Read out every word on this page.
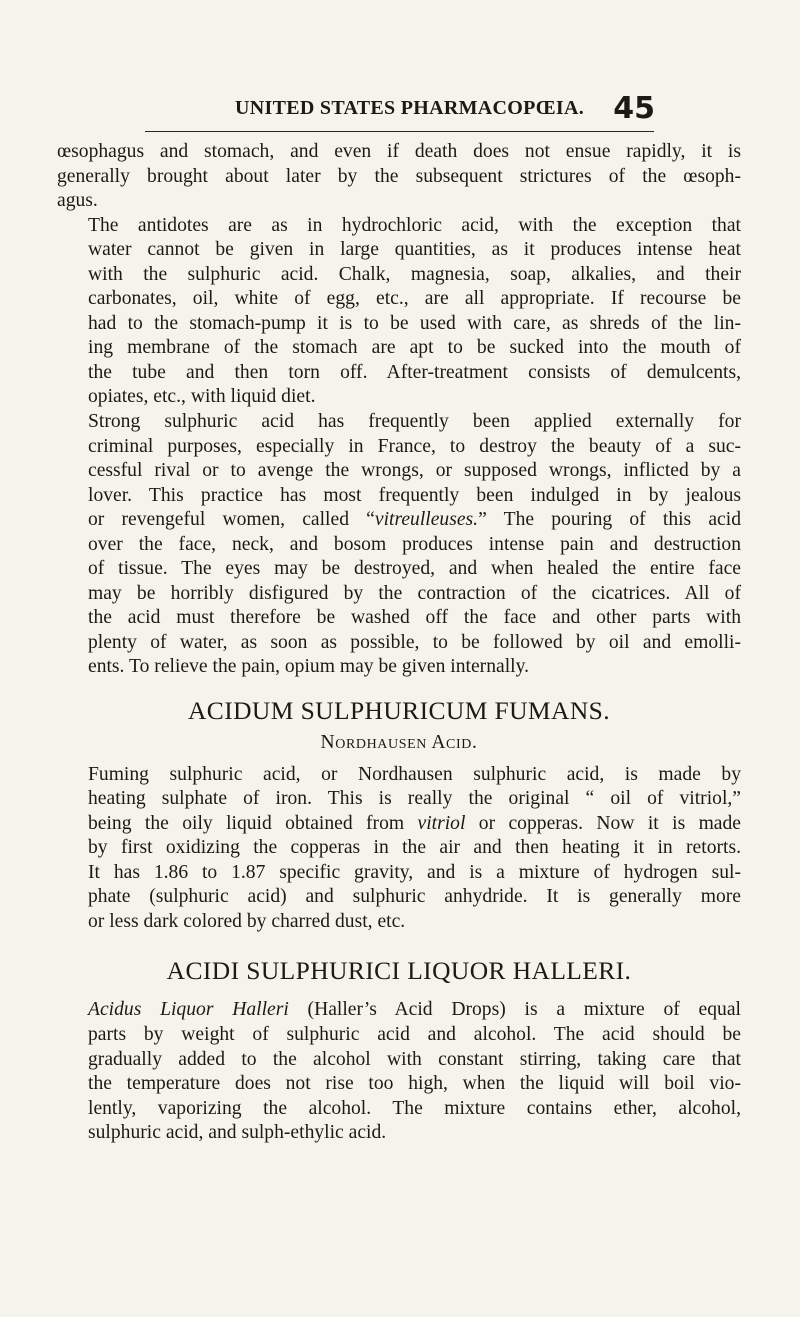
UNITED STATES PHARMACOPŒIA. 45

œsophagus and stomach, and even if death does not ensue rapidly, it is
generally brought about later by the subsequent strictures of the œsoph-
agus.

The antidotes are as in hydrochloric acid, with the exception that
water cannot be given in large quantities, as it produces intense heat
with the sulphuric acid. Chalk, magnesia, soap, alkalies, and their
carbonates, oil, white of egg, etc., are all appropriate. If recourse be
had to the stomach-pump it is to be used with care, as shreds of the lin-
ing membrane of the stomach are apt to be sucked into the mouth of
the tube and then torn off. After-treatment consists of demulcents,
opiates, etc., with liquid diet.

Strong sulphuric acid has frequently been applied externally for
criminal purposes, especially in France, to destroy the beauty of a suc-
cessful rival or to avenge the wrongs, or supposed wrongs, inflicted by a
lover. This practice has most frequently been indulged in by jealous
or revengeful women, called “vitreulleuses.” The pouring of this acid
over the face, neck, and bosom produces intense pain and destruction
of tissue. The eyes may be destroyed, and when healed the entire face
may be horribly disfigured by the contraction of the cicatrices. All of
the acid must therefore be washed off the face and other parts with
plenty of water, as soon as possible, to be followed by oil and emolli-
ents. To relieve the pain, opium may be given internally.

ACIDUM SULPHURICUM FUMANS.
Nordhausen Acid.

Fuming sulphuric acid, or Nordhausen sulphuric acid, is made by
heating sulphate of iron. This is really the original “ oil of vitriol,”
being the oily liquid obtained from vitriol or copperas. Now it is made
by first oxidizing the copperas in the air and then heating it in retorts.
It has 1.86 to 1.87 specific gravity, and is a mixture of hydrogen sul-
phate (sulphuric acid) and sulphuric anhydride. It is generally more
or less dark colored by charred dust, etc.

ACIDI SULPHURICI LIQUOR HALLERI.

Acidus Liquor Halleri (Haller’s Acid Drops) is a mixture of equal
parts by weight of sulphuric acid and alcohol. The acid should be
gradually added to the alcohol with constant stirring, taking care that
the temperature does not rise too high, when the liquid will boil vio-
lently, vaporizing the alcohol. The mixture contains ether, alcohol,
sulphuric acid, and sulph-ethylic acid.
